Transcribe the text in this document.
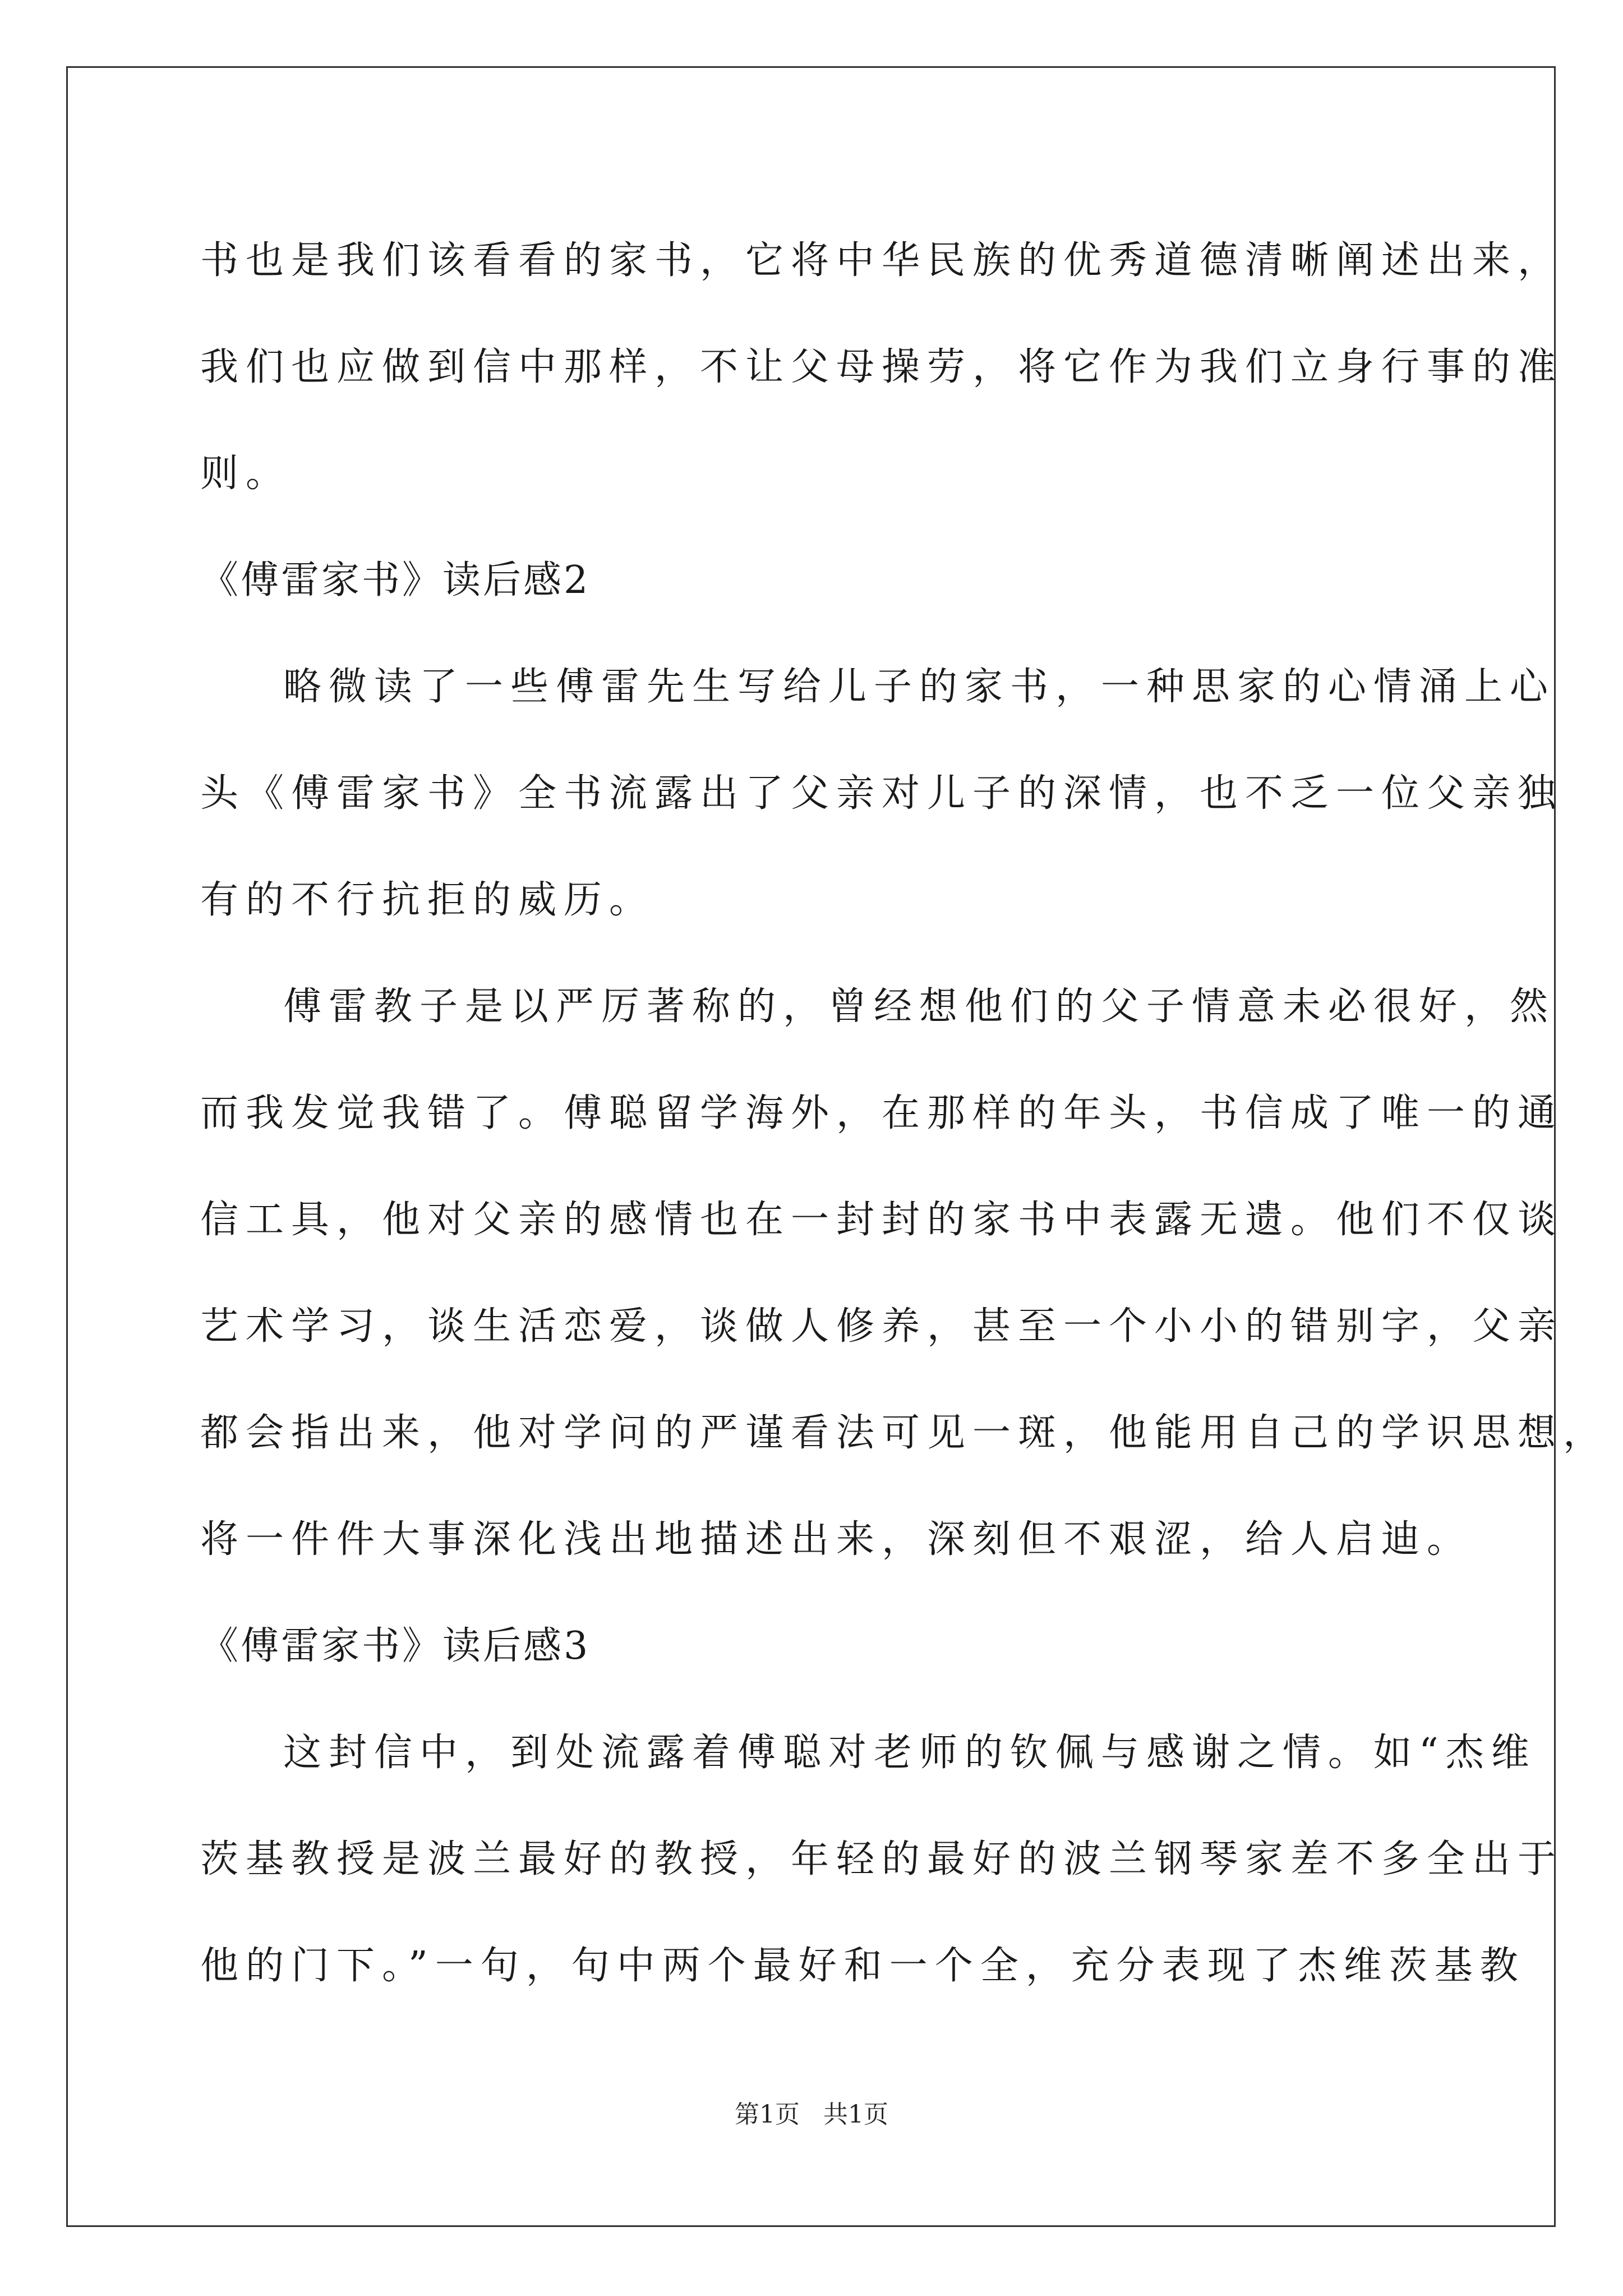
书也是我们该看看的家书，它将中华民族的优秀道德清晰阐述出来，
我们也应做到信中那样，不让父母操劳，将它作为我们立身行事的准
则。
《傅雷家书》读后感2
略微读了一些傅雷先生写给儿子的家书，一种思家的心情涌上心
头《傅雷家书》全书流露出了父亲对儿子的深情，也不乏一位父亲独
有的不行抗拒的威历。
傅雷教子是以严厉著称的，曾经想他们的父子情意未必很好，然
而我发觉我错了。傅聪留学海外，在那样的年头，书信成了唯一的通
信工具，他对父亲的感情也在一封封的家书中表露无遗。他们不仅谈
艺术学习，谈生活恋爱，谈做人修养，甚至一个小小的错别字，父亲
都会指出来，他对学问的严谨看法可见一斑，他能用自己的学识思想，
将一件件大事深化浅出地描述出来，深刻但不艰涩，给人启迪。
《傅雷家书》读后感3
这封信中，到处流露着傅聪对老师的钦佩与感谢之情。如“杰维
茨基教授是波兰最好的教授，年轻的最好的波兰钢琴家差不多全出于
他的门下。”一句，句中两个最好和一个全，充分表现了杰维茨基教
第1页   共1页
